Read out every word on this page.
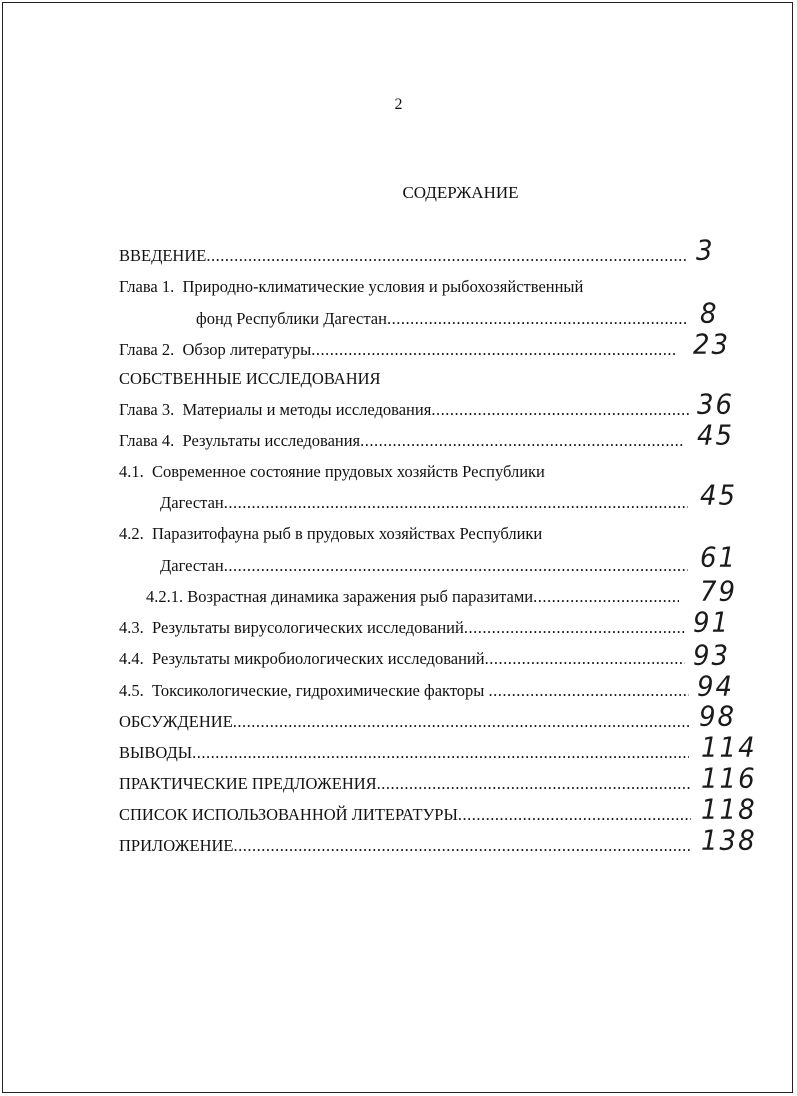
2
СОДЕРЖАНИЕ
ВВЕДЕНИЕ .....	3
Глава 1.  Природно-климатические условия и рыбохозяйственный
фонд Республики Дагестан .....	8
Глава 2.  Обзор литературы .....	23
СОБСТВЕННЫЕ ИССЛЕДОВАНИЯ
Глава 3.  Материалы и методы исследования .....	36
Глава 4.  Результаты исследования .....	45
4.1.  Современное состояние прудовых хозяйств Республики
Дагестан .....	45
4.2.  Паразитофауна рыб в прудовых хозяйствах Республики
Дагестан .....	61
4.2.1. Возрастная динамика заражения рыб паразитами .....	79
4.3.  Результаты вирусологических исследований .....	91
4.4.  Результаты микробиологических исследований .....	93
4.5.  Токсикологические, гидрохимические факторы .....	94
ОБСУЖДЕНИЕ .....	98
ВЫВОДЫ .....	114
ПРАКТИЧЕСКИЕ ПРЕДЛОЖЕНИЯ .....	116
СПИСОК ИСПОЛЬЗОВАННОЙ ЛИТЕРАТУРЫ .....	118
ПРИЛОЖЕНИЕ .....	138
